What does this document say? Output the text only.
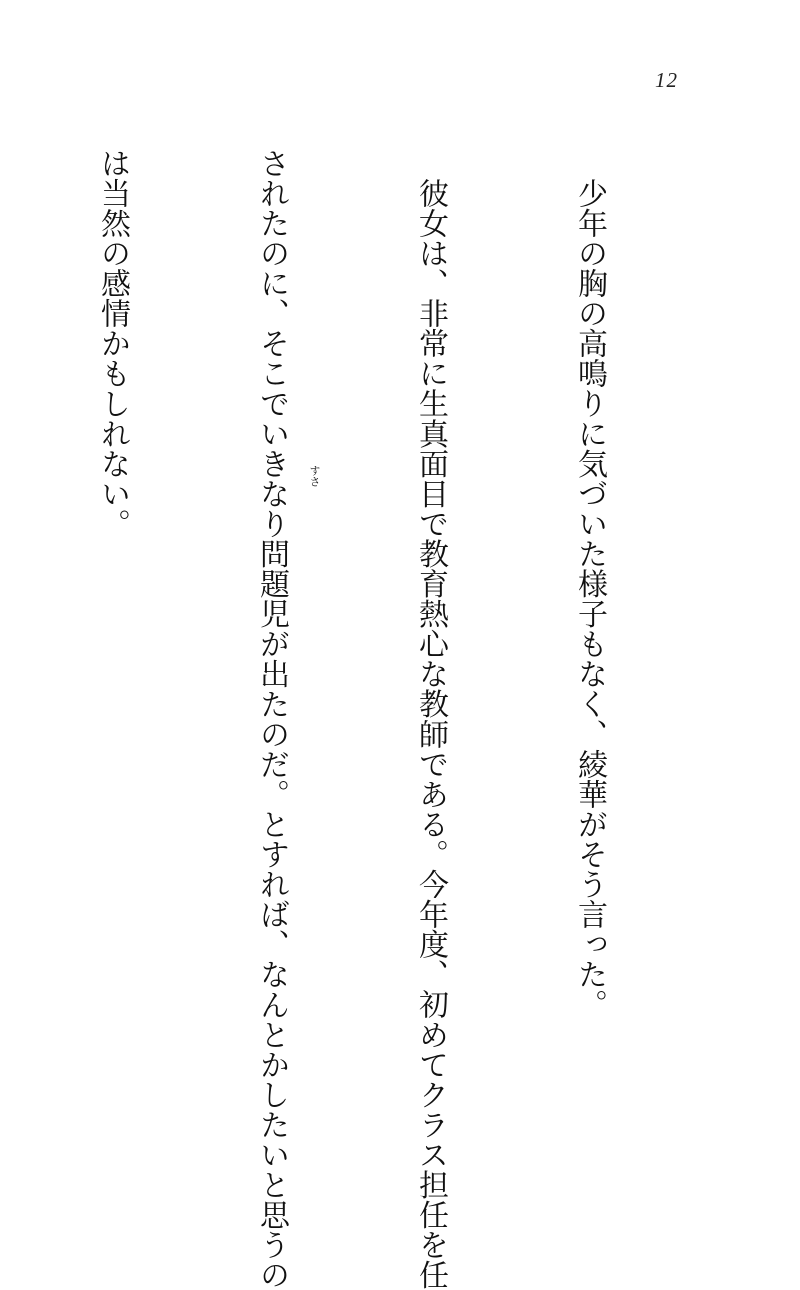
12

少年の胸の高鳴りに気づいた様子もなく、綾華がそう言った。

彼女は、非常に生真面目で教育熱心な教師である。今年度、初めてクラス担任を任

されたのに、そこでいきなり問題児が出たのだ。とすれば、なんとかしたいと思うの

は当然の感情かもしれない。

	すさ
